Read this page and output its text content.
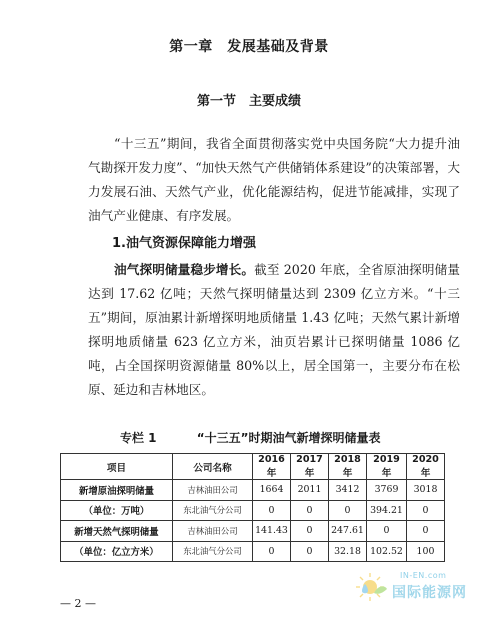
第一章　发展基础及背景
第一节　主要成绩
“十三五”期间，我省全面贯彻落实党中央国务院“大力提升油气勘探开发力度”、“加快天然气产供储销体系建设”的决策部署，大力发展石油、天然气产业，优化能源结构，促进节能减排，实现了油气产业健康、有序发展。
1.油气资源保障能力增强
油气探明储量稳步增长。截至 2020 年底，全省原油探明储量达到 17.62 亿吨；天然气探明储量达到 2309 亿立方米。“十三五”期间，原油累计新增探明地质储量 1.43 亿吨；天然气累计新增探明地质储量 623 亿立方米，油页岩累计已探明储量 1086 亿吨，占全国探明资源储量 80%以上，居全国第一，主要分布在松原、延边和吉林地区。
专栏 1	“十三五”时期油气新增探明储量表
项目	公司名称	2016 年	2017 年	2018 年	2019 年	2020 年
新增原油探明储量	吉林油田公司	1664	2011	3412	3769	3018
（单位：万吨）	东北油气分公司	0	0	0	394.21	0
新增天然气探明储量	吉林油田公司	141.43	0	247.61	0	0
（单位：亿立方米）	东北油气分公司	0	0	32.18	102.52	100
— 2 —
IN-EN.com
国际能源网
